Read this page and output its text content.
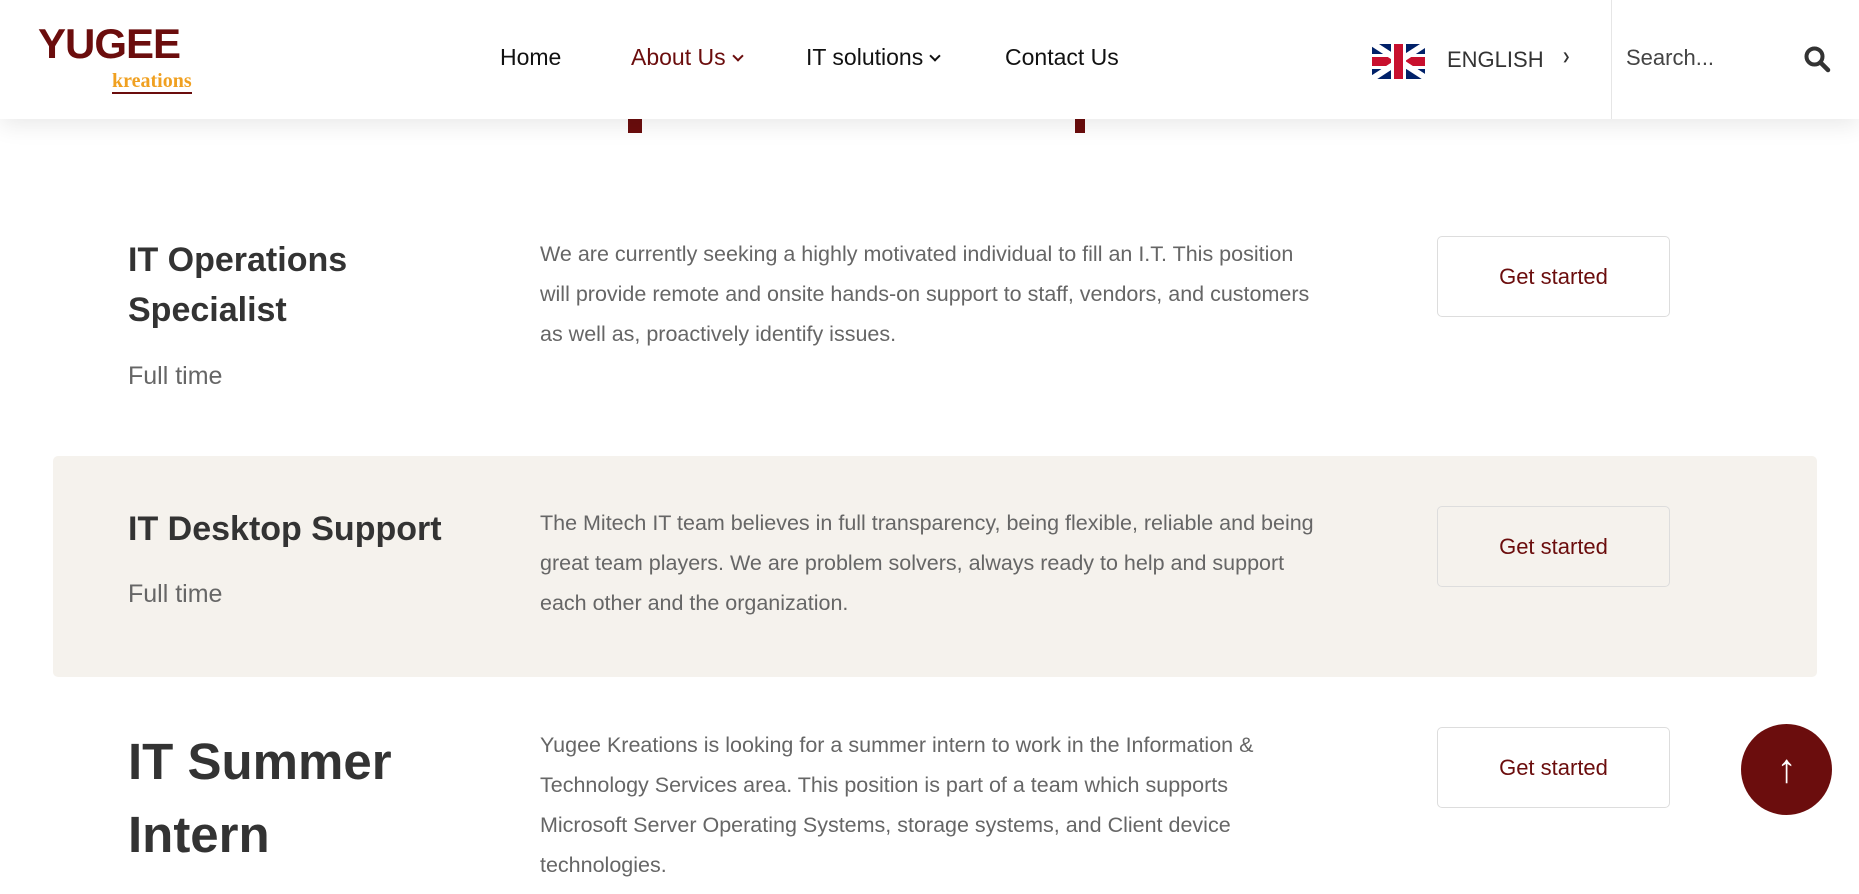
YUGEE
kreations
Home	About Us	IT solutions	Contact Us	ENGLISH ❯
Search...
IT Operations Specialist
Full time
We are currently seeking a highly motivated individual to fill an I.T. This position will provide remote and onsite hands-on support to staff, vendors, and customers as well as, proactively identify issues.
Get started
IT Desktop Support
Full time
The Mitech IT team believes in full transparency, being flexible, reliable and being great team players. We are problem solvers, always ready to help and support each other and the organization.
Get started
IT Summer Intern
Yugee Kreations is looking for a summer intern to work in the Information & Technology Services area. This position is part of a team which supports Microsoft Server Operating Systems, storage systems, and Client device technologies.
Get started	↑
